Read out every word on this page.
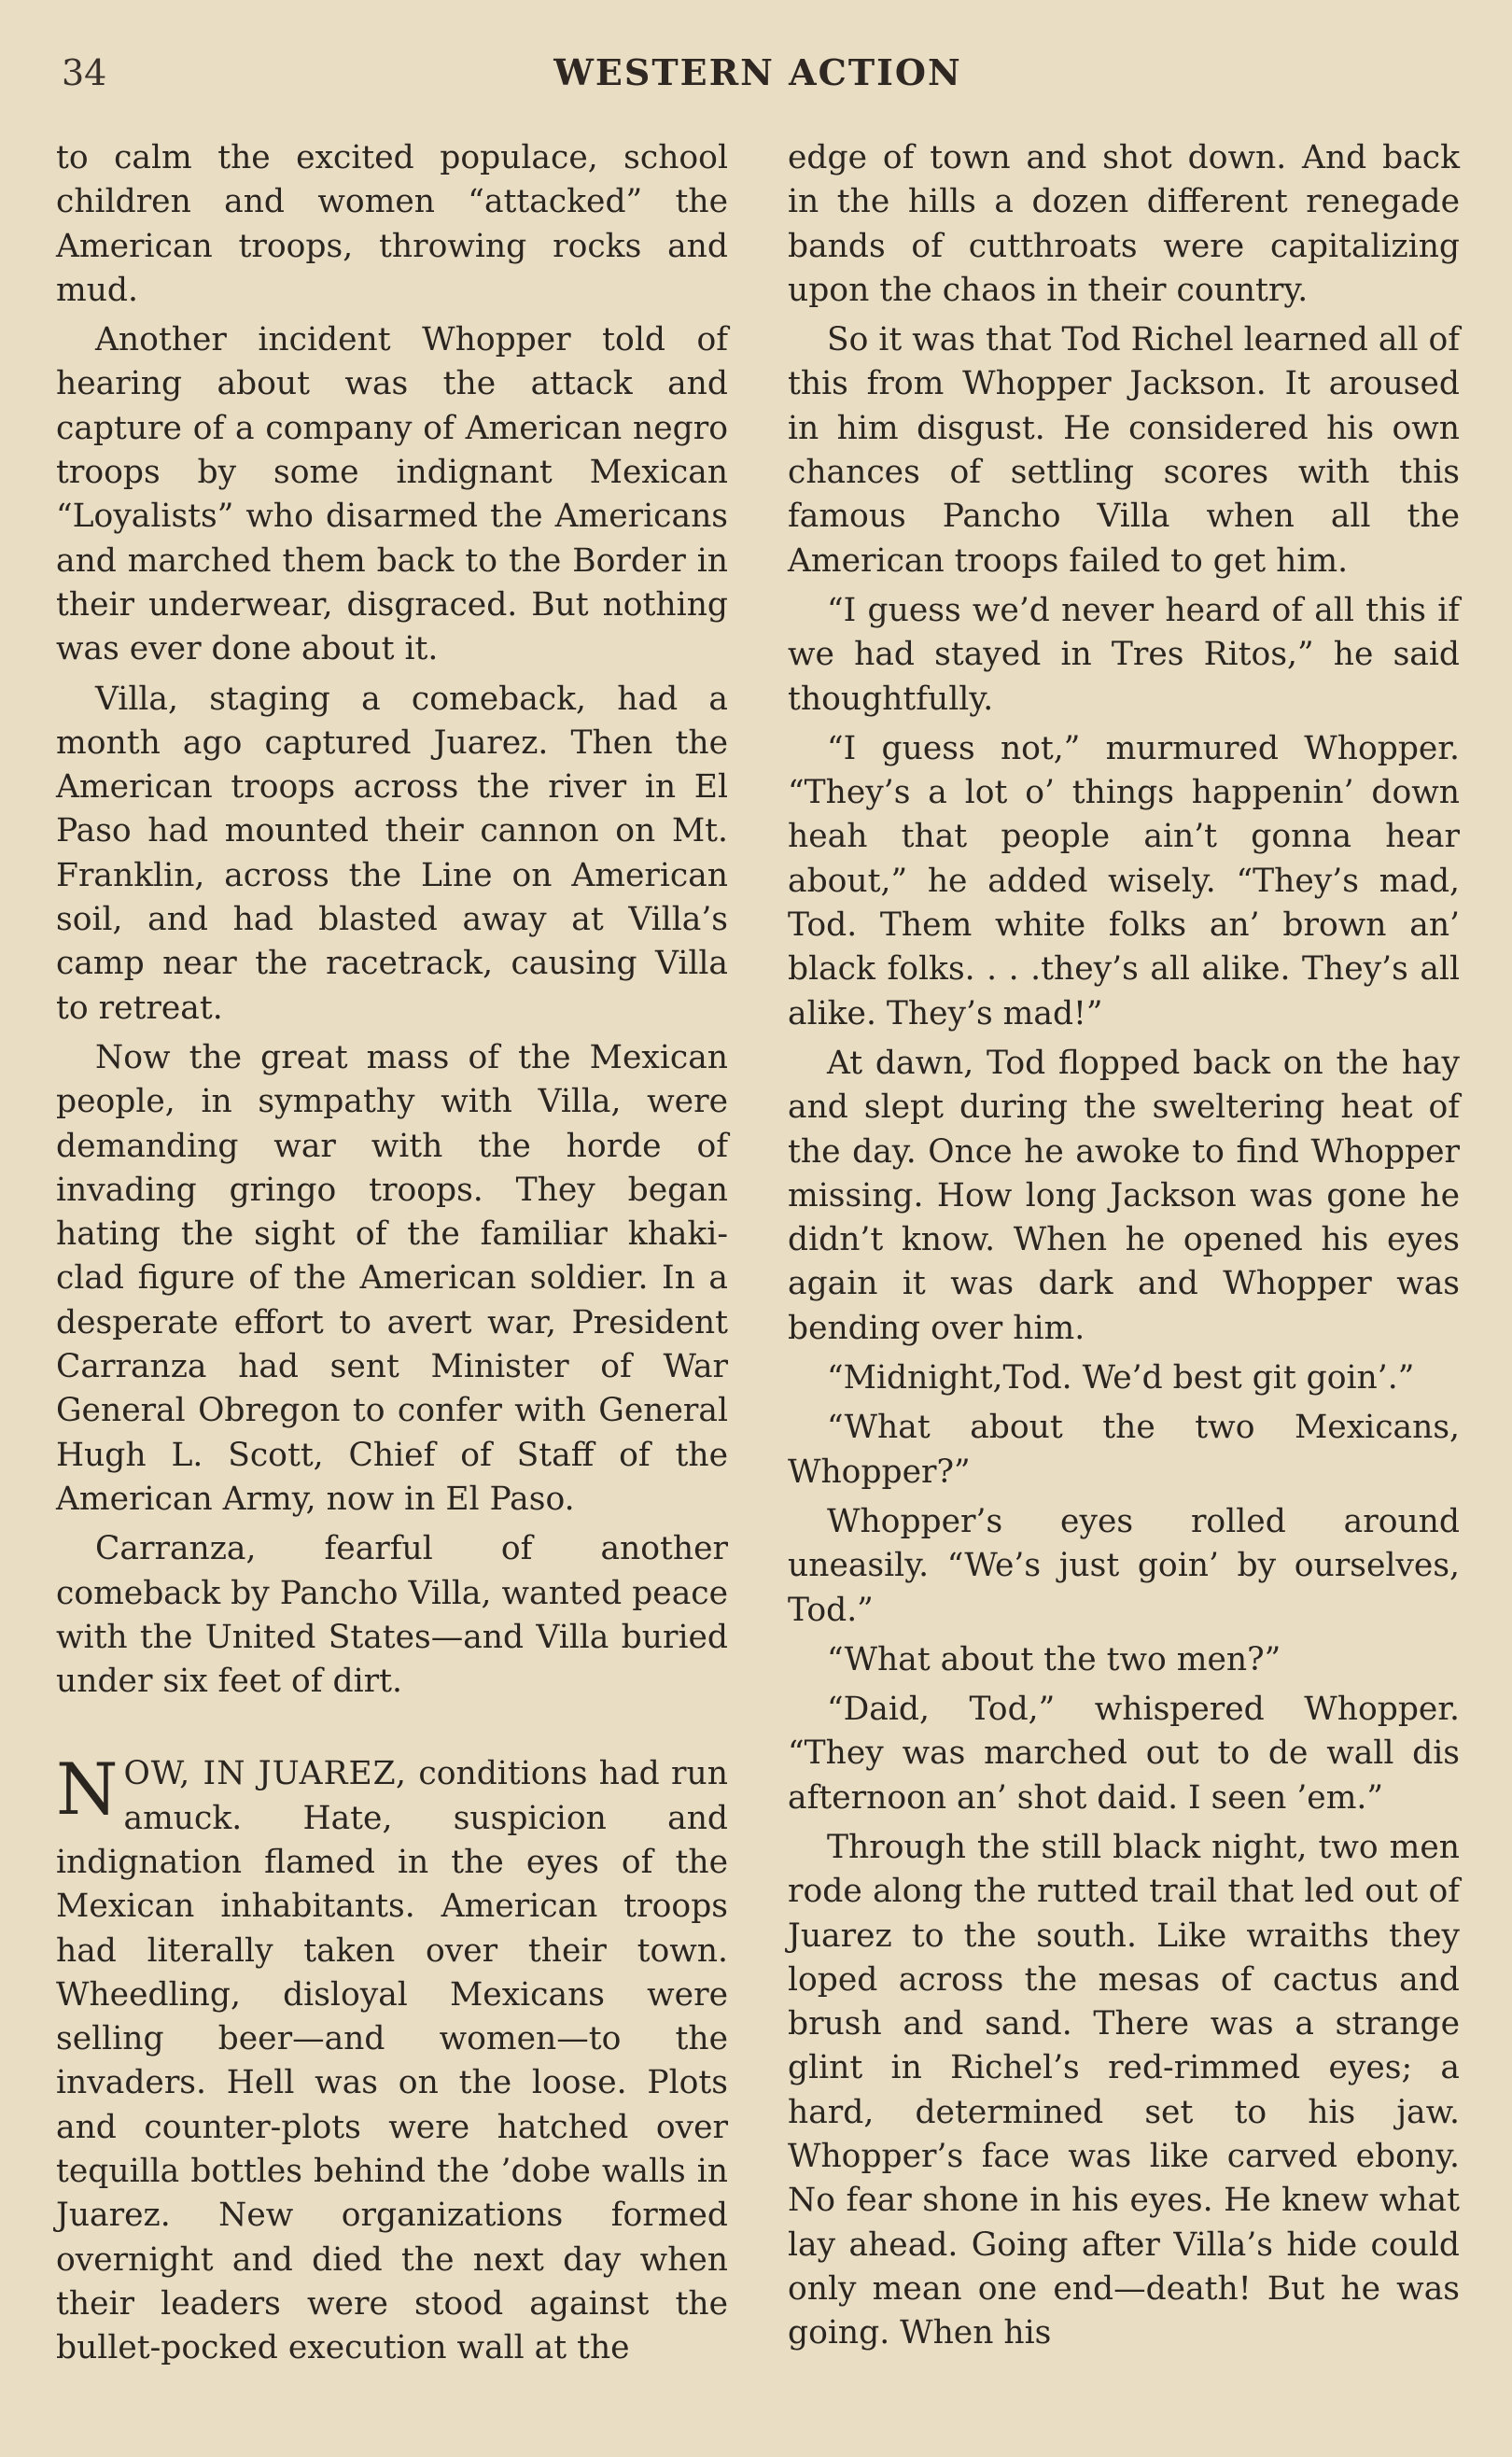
34	WESTERN ACTION

to calm the excited populace, school children and women “attacked” the American troops, throwing rocks and mud.

Another incident Whopper told of hearing about was the attack and capture of a company of American negro troops by some indignant Mexican “Loyalists” who disarmed the Americans and marched them back to the Border in their underwear, disgraced. But nothing was ever done about it.

Villa, staging a comeback, had a month ago captured Juarez. Then the American troops across the river in El Paso had mounted their cannon on Mt. Franklin, across the Line on American soil, and had blasted away at Villa’s camp near the racetrack, causing Villa to retreat.

Now the great mass of the Mexican people, in sympathy with Villa, were demanding war with the horde of invading gringo troops. They began hating the sight of the familiar khaki-clad figure of the American soldier. In a desperate effort to avert war, President Carranza had sent Minister of War General Obregon to confer with General Hugh L. Scott, Chief of Staff of the American Army, now in El Paso.

Carranza, fearful of another comeback by Pancho Villa, wanted peace with the United States—and Villa buried under six feet of dirt.

NOW, IN JUAREZ, conditions had run amuck. Hate, suspicion and indignation flamed in the eyes of the Mexican inhabitants. American troops had literally taken over their town. Wheedling, disloyal Mexicans were selling beer—and women—to the invaders. Hell was on the loose. Plots and counter-plots were hatched over tequilla bottles behind the ’dobe walls in Juarez. New organizations formed overnight and died the next day when their leaders were stood against the bullet-pocked execution wall at the

edge of town and shot down. And back in the hills a dozen different renegade bands of cutthroats were capitalizing upon the chaos in their country.

So it was that Tod Richel learned all of this from Whopper Jackson. It aroused in him disgust. He considered his own chances of settling scores with this famous Pancho Villa when all the American troops failed to get him.

“I guess we’d never heard of all this if we had stayed in Tres Ritos,” he said thoughtfully.

“I guess not,” murmured Whopper. “They’s a lot o’ things happenin’ down heah that people ain’t gonna hear about,” he added wisely. “They’s mad, Tod. Them white folks an’ brown an’ black folks. . . .they’s all alike. They’s all alike. They’s mad!”

At dawn, Tod flopped back on the hay and slept during the sweltering heat of the day. Once he awoke to find Whopper missing. How long Jackson was gone he didn’t know. When he opened his eyes again it was dark and Whopper was bending over him.

“Midnight,Tod. We’d best git goin’.”

“What about the two Mexicans, Whopper?”

Whopper’s eyes rolled around uneasily. “We’s just goin’ by ourselves, Tod.”

“What about the two men?”

“Daid, Tod,” whispered Whopper. “They was marched out to de wall dis afternoon an’ shot daid. I seen ’em.”

Through the still black night, two men rode along the rutted trail that led out of Juarez to the south. Like wraiths they loped across the mesas of cactus and brush and sand. There was a strange glint in Richel’s red-rimmed eyes; a hard, determined set to his jaw. Whopper’s face was like carved ebony. No fear shone in his eyes. He knew what lay ahead. Going after Villa’s hide could only mean one end—death! But he was going. When his
